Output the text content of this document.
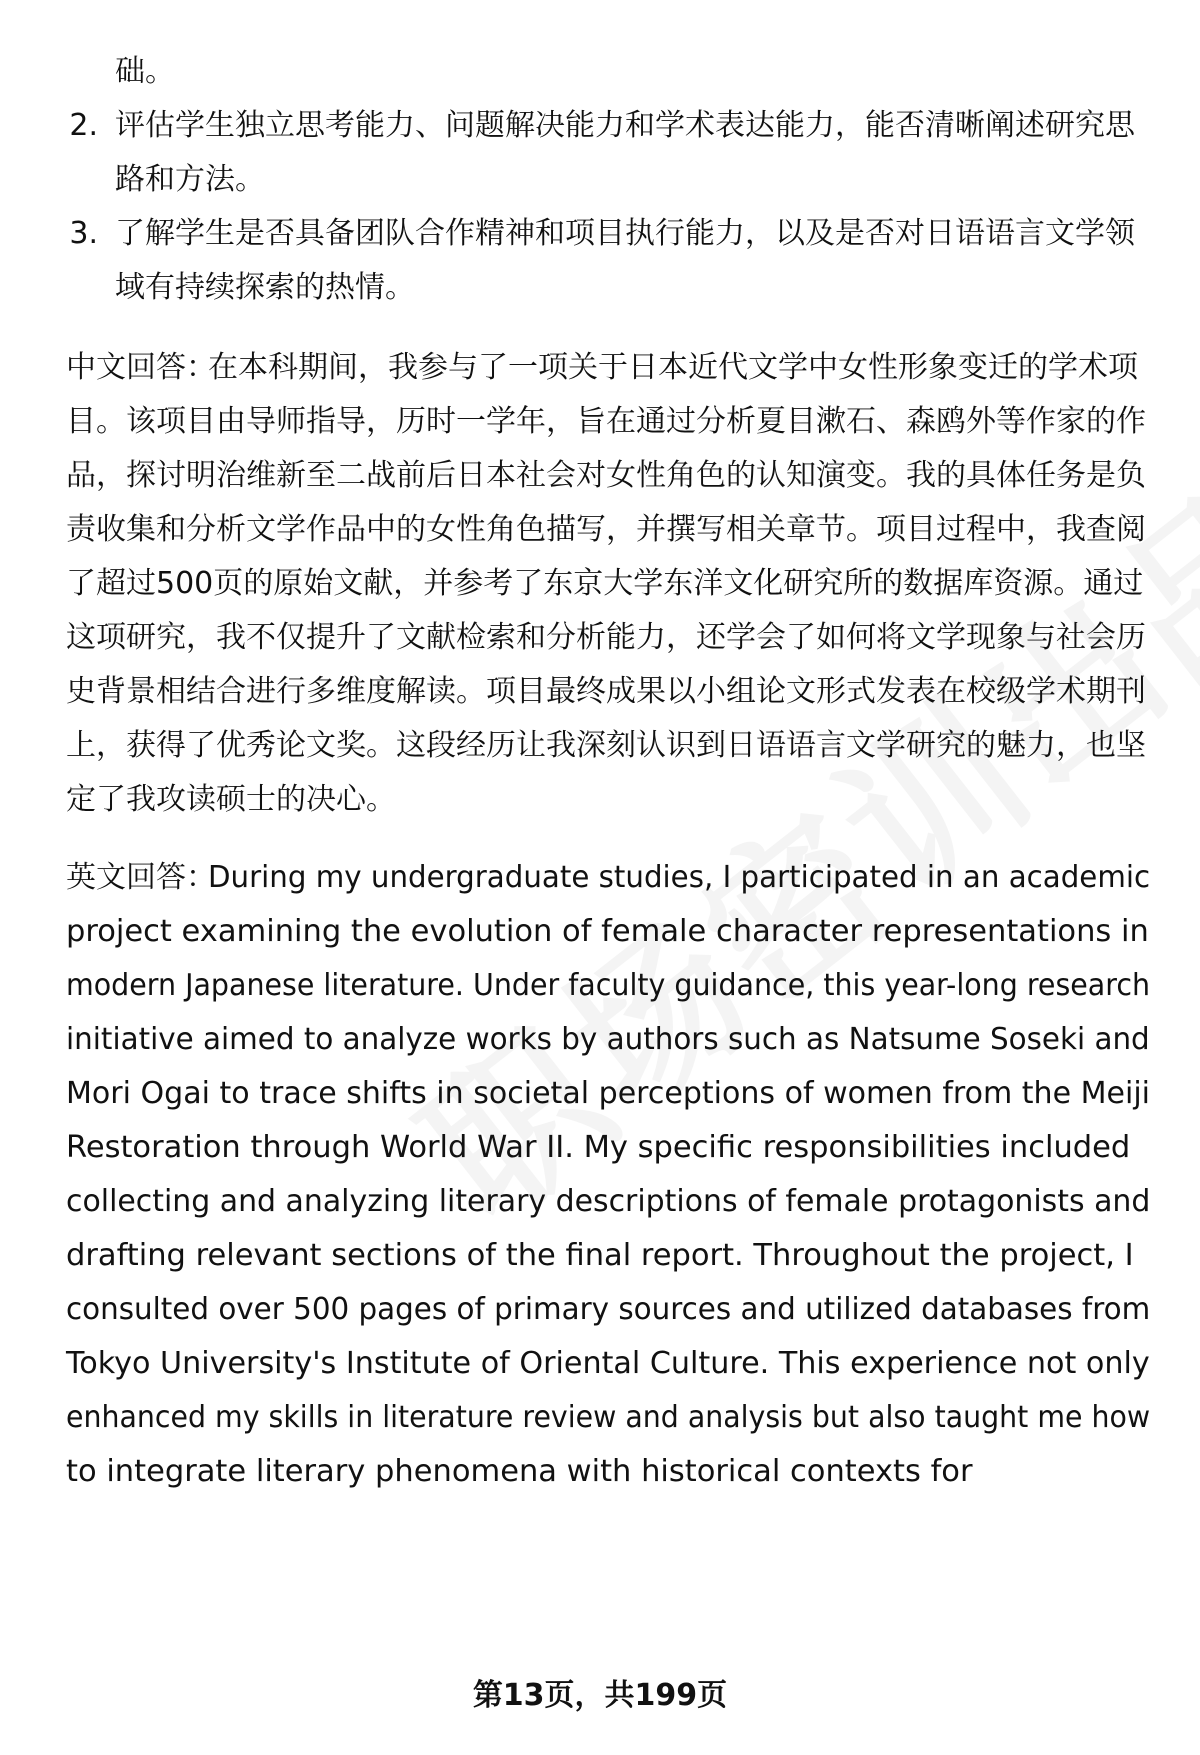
础。
2. 评估学生独立思考能力、问题解决能力和学术表达能力，能否清晰阐述研究思
路和方法。
3. 了解学生是否具备团队合作精神和项目执行能力，以及是否对日语语言文学领
域有持续探索的热情。
中文回答：
在本科期间，我参与了一项关于日本近代文学中女性形象变迁的学术项
目。该项目由导师指导，历时一学年，旨在通过分析夏目漱石、森鸥外等作家的作
品，探讨明治维新至二战前后日本社会对女性角色的认知演变。我的具体任务是负
责收集和分析文学作品中的女性角色描写，并撰写相关章节。项目过程中，我查阅
了超过500页的原始文献，并参考了东京大学东洋文化研究所的数据库资源。通过
这项研究，我不仅提升了文献检索和分析能力，还学会了如何将文学现象与社会历
史背景相结合进行多维度解读。项目最终成果以小组论文形式发表在校级学术期刊
上，获得了优秀论文奖。这段经历让我深刻认识到日语语言文学研究的魅力，也坚
定了我攻读硕士的决心。
英文回答：
During my undergraduate studies, I participated in an academic
project examining the evolution of female character representations in
modern Japanese literature. Under faculty guidance, this year-long research
initiative aimed to analyze works by authors such as Natsume Soseki and
Mori Ogai to trace shifts in societal perceptions of women from the Meiji
Restoration through World War II. My specific responsibilities included
collecting and analyzing literary descriptions of female protagonists and
drafting relevant sections of the final report. Throughout the project, I
consulted over 500 pages of primary sources and utilized databases from
Tokyo University's Institute of Oriental Culture. This experience not only
enhanced my skills in literature review and analysis but also taught me how
to integrate literary phenomena with historical contexts for
第13页，共199页
